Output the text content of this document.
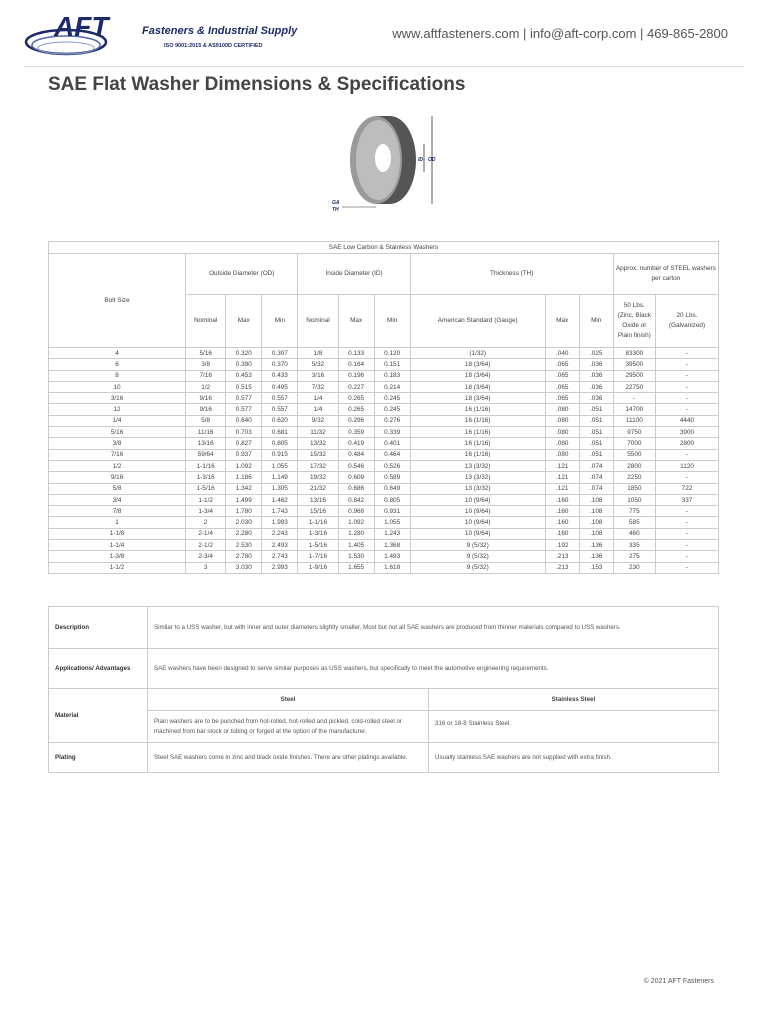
AFT	Fasteners & Industrial Supply
ISO 9001:2015 & AS9100D CERTIFIED
www.aftfasteners.com | info@aft-corp.com | 469-865-2800
SAE Flat Washer Dimensions & Specifications
ID OD
GA
TH
SAE Low Carbon & Stainless Washers											
Bolt Size	Outside Diameter (OD)			Inside Diameter (ID)			Thickness (TH)			Approx. number of STEEL washers per carton	
	Nominal	Max	Min	Nominal	Max	Min	American Standard (Gauge)	Max	Min	50 Lbs. (Zinc, Black Oxide or Plain finish)	20 Lbs. (Galvanized)
4	5/16	0.320	0.307	1/8	0.133	0.120	(1/32)	.040	.025	83300	-
6	3/8	0.390	0.370	5/32	0.164	0.151	18 (3/64)	.065	.036	39500	-
8	7/16	0.453	0.433	3/16	0.196	0.183	18 (3/64)	.065	.036	29500	-
10	1/2	0.515	0.495	7/32	0.227	0.214	18 (3/64)	.065	.036	22750	-
3/16	9/16	0.577	0.557	1/4	0.265	0.245	18 (3/64)	.065	.036	-	-
12	9/16	0.577	0.557	1/4	0.265	0.245	16 (1/16)	.080	.051	14700	-
1/4	5/8	0.640	0.620	9/32	0.296	0.276	16 (1/16)	.080	.051	11100	4440
5/16	11/16	0.703	0.681	11/32	0.359	0.339	16 (1/16)	.080	.051	9750	3900
3/8	13/16	0.827	0.805	13/32	0.419	0.401	16 (1/16)	.080	.051	7000	2800
7/16	59/64	0.937	0.915	15/32	0.484	0.464	16 (1/16)	.080	.051	5500	-
1/2	1-1/16	1.092	1.055	17/32	0.546	0.526	13 (3/32)	.121	.074	2800	1120
9/16	1-3/16	1.186	1.149	19/32	0.609	0.589	13 (3/32)	.121	.074	2250	-
5/8	1-5/16	1.342	1.305	21/32	0.686	0.649	13 (3/32)	.121	.074	1850	722
3/4	1-1/2	1.499	1.462	13/16	0.842	0.805	10 (9/64)	.160	.108	1050	337
7/8	1-3/4	1.780	1.743	15/16	0.968	0.931	10 (9/64)	.160	.108	775	-
1	2	2.030	1.993	1-1/16	1.092	1.055	10 (9/64)	.160	.108	585	-
1-1/8	2-1/4	2.280	2.243	1-3/16	1.280	1.243	10 (9/64)	.160	.108	460	-
1-1/4	2-1/2	2.530	2.493	1-5/16	1.405	1.368	9 (5/32)	.192	.136	335	-
1-3/8	2-3/4	2.780	2.743	1-7/16	1.530	1.493	9 (5/32)	.213	.136	275	-
1-1/2	3	3.030	2.993	1-9/16	1.655	1.618	9 (5/32)	.213	.153	230	-
Description	Similar to a USS washer, but with inner and outer diameters slightly smaller. Most but not all SAE washers are produced from thinner materials compared to USS washers.	
Applications/ Advantages	SAE washers have been designed to serve similar purposes as USS washers, but specifically to meet the automotive engineering requirements.	
Material	Steel	Stainless Steel
	Plain washers are to be punched from hot-rolled, hot-rolled and pickled, cold-rolled steel or machined from bar stock or tubing or forged at the option of the manufacturer.	316 or 18-8 Stainless Steel.
Plating	Steel SAE washers come in zinc and black oxide finishes. There are other platings available.	Usually stainless SAE washers are not supplied with extra finish.
© 2021 AFT Fasteners
